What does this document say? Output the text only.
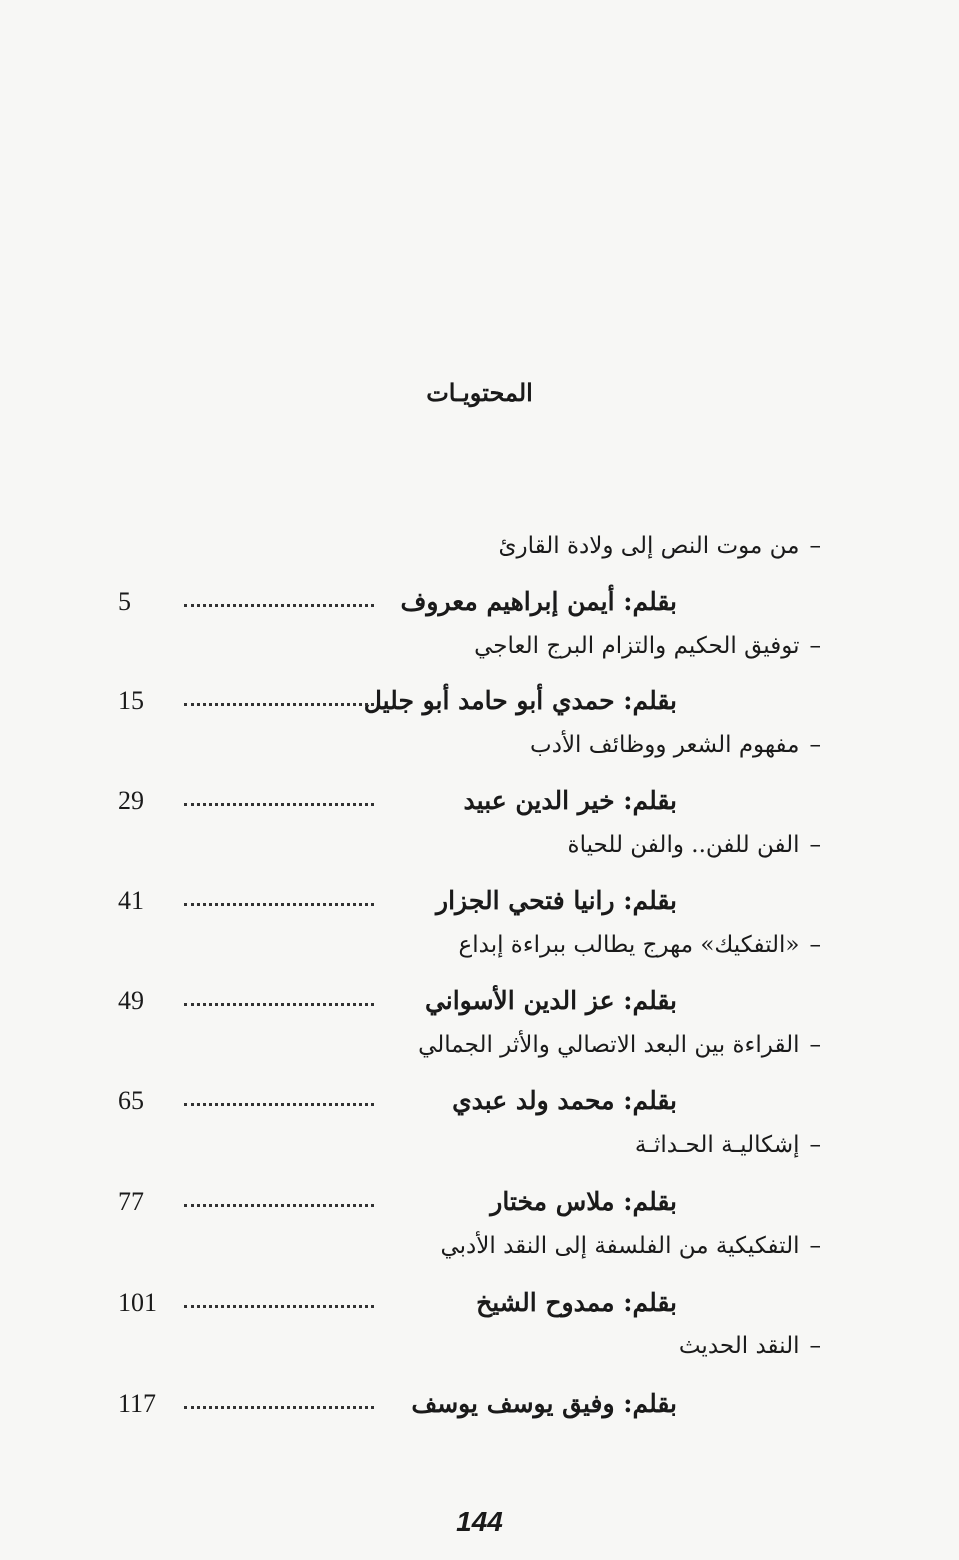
المحتويـات
–من موت النص إلى ولادة القارئ
بقلم: أيمن إبراهيم معروف
5
–توفيق الحكيم والتزام البرج العاجي
بقلم: حمدي أبو حامد أبو جليل
15
–مفهوم الشعر ووظائف الأدب
بقلم: خير الدين عبيد
29
–الفن للفن.. والفن للحياة
بقلم: رانيا فتحي الجزار
41
–«التفكيك» مهرج يطالب ببراءة إبداع
بقلم: عز الدين الأسواني
49
–القراءة بين البعد الاتصالي والأثر الجمالي
بقلم: محمد ولد عبدي
65
–إشكاليـة الحـداثـة
بقلم: ملاس مختار
77
–التفكيكية من الفلسفة إلى النقد الأدبي
بقلم: ممدوح الشيخ
101
–النقد الحديث
بقلم: وفيق يوسف يوسف
117
144
